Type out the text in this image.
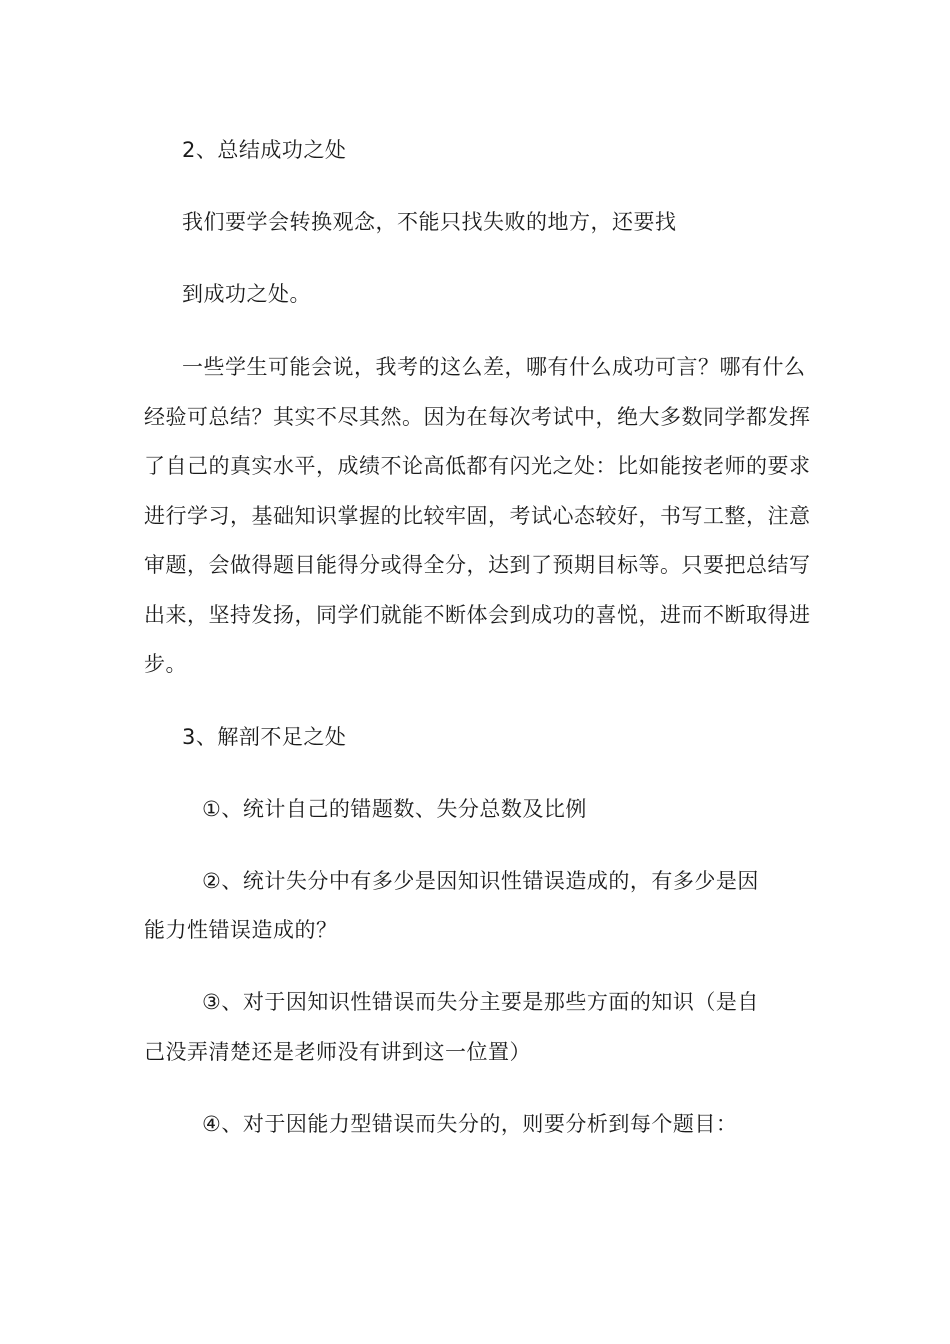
2、总结成功之处
我们要学会转换观念，不能只找失败的地方，还要找
到成功之处。
一些学生可能会说，我考的这么差，哪有什么成功可言？哪有什么经验可总结？其实不尽其然。因为在每次考试中，绝大多数同学都发挥了自己的真实水平，成绩不论高低都有闪光之处：比如能按老师的要求进行学习，基础知识掌握的比较牢固，考试心态较好，书写工整，注意审题，会做得题目能得分或得全分，达到了预期目标等。只要把总结写出来，坚持发扬，同学们就能不断体会到成功的喜悦，进而不断取得进步。
3、解剖不足之处
①、统计自己的错题数、失分总数及比例
②、统计失分中有多少是因知识性错误造成的，有多少是因
能力性错误造成的？
③、对于因知识性错误而失分主要是那些方面的知识（是自
己没弄清楚还是老师没有讲到这一位置）
④、对于因能力型错误而失分的，则要分析到每个题目：
